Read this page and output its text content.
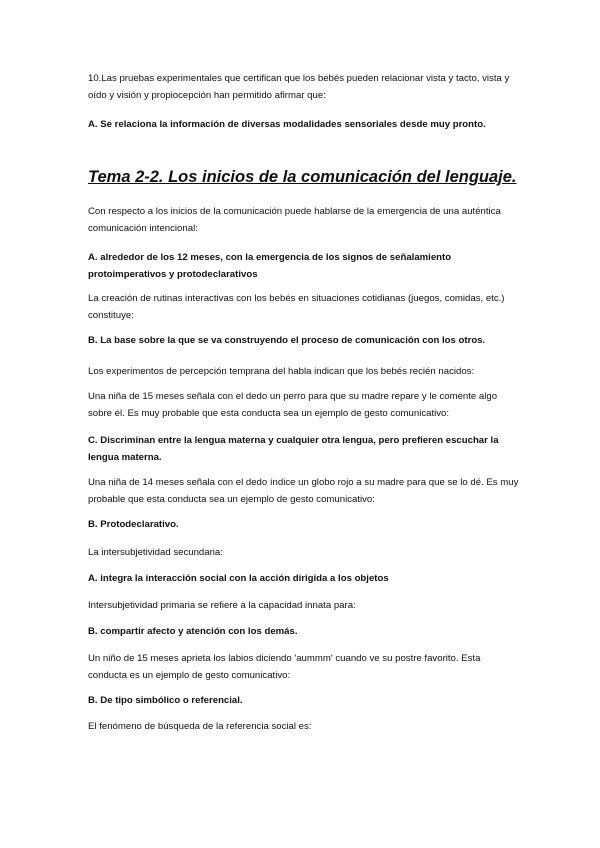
10.Las pruebas experimentales que certifican que los bebés pueden relacionar vista y tacto, vista y oído y visión y propiocepción han permitido afirmar que:
A. Se relaciona la información de diversas modalidades sensoriales desde muy pronto.
Tema 2-2. Los inicios de la comunicación del lenguaje.
Con respecto a los inicios de la comunicación puede hablarse de la emergencia de una auténtica comunicación intencional:
A. alrededor de los 12 meses, con la emergencia de los signos de señalamiento protoimperativos y protodeclarativos
La creación de rutinas interactivas con los bebés en situaciones cotidianas (juegos, comidas, etc.) constituye:
B. La base sobre la que se va construyendo el proceso de comunicación con los otros.
Los experimentos de percepción temprana del habla indican que los bebés recién nacidos:
Una niña de 15 meses señala con el dedo un perro para que su madre repare y le comente algo sobre él. Es muy probable que esta conducta sea un ejemplo de gesto comunicativo:
C. Discriminan entre la lengua materna y cualquier otra lengua, pero prefieren escuchar la lengua materna.
Una niña de 14 meses señala con el dedo índice un globo rojo a su madre para que se lo dé. Es muy probable que esta conducta sea un ejemplo de gesto comunicativo:
B. Protodeclarativo.
La intersubjetividad secundaria:
A. integra la interacción social con la acción dirigida a los objetos
Intersubjetividad primaria se refiere a la capacidad innata para:
B. compartir afecto y atención con los demás.
Un niño de 15 meses aprieta los labios diciendo 'aummm' cuando ve su postre favorito. Esta conducta es un ejemplo de gesto comunicativo:
B. De tipo simbólico o referencial.
El fenómeno de búsqueda de la referencia social es:
